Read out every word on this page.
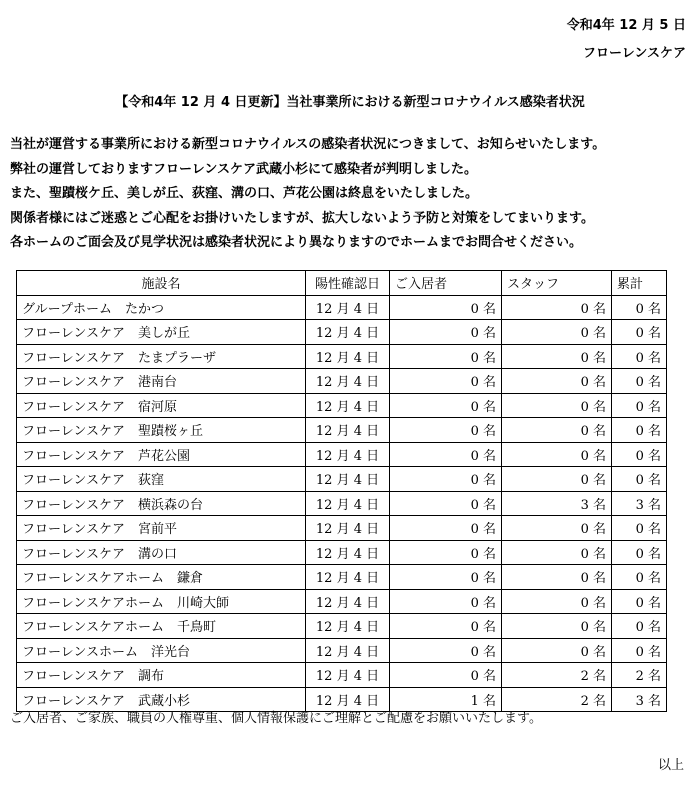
令和4年 12 月 5 日
フローレンスケア
【令和4年 12 月 4 日更新】当社事業所における新型コロナウイルス感染者状況
当社が運営する事業所における新型コロナウイルスの感染者状況につきまして、お知らせいたします。
弊社の運営しておりますフローレンスケア武蔵小杉にて感染者が判明しました。
また、聖蹟桜ケ丘、美しが丘、荻窪、溝の口、芦花公園は終息をいたしました。
関係者様にはご迷惑とご心配をお掛けいたしますが、拡大しないよう予防と対策をしてまいります。
各ホームのご面会及び見学状況は感染者状況により異なりますのでホームまでお問合せください。
施設名	陽性確認日	ご入居者	スタッフ	累計
グループホーム　たかつ	12 月 4 日	0 名	0 名	0 名
フローレンスケア　美しが丘	12 月 4 日	0 名	0 名	0 名
フローレンスケア　たまプラーザ	12 月 4 日	0 名	0 名	0 名
フローレンスケア　港南台	12 月 4 日	0 名	0 名	0 名
フローレンスケア　宿河原	12 月 4 日	0 名	0 名	0 名
フローレンスケア　聖蹟桜ヶ丘	12 月 4 日	0 名	0 名	0 名
フローレンスケア　芦花公園	12 月 4 日	0 名	0 名	0 名
フローレンスケア　荻窪	12 月 4 日	0 名	0 名	0 名
フローレンスケア　横浜森の台	12 月 4 日	0 名	3 名	3 名
フローレンスケア　宮前平	12 月 4 日	0 名	0 名	0 名
フローレンスケア　溝の口	12 月 4 日	0 名	0 名	0 名
フローレンスケアホーム　鎌倉	12 月 4 日	0 名	0 名	0 名
フローレンスケアホーム　川崎大師	12 月 4 日	0 名	0 名	0 名
フローレンスケアホーム　千鳥町	12 月 4 日	0 名	0 名	0 名
フローレンスホーム　洋光台	12 月 4 日	0 名	0 名	0 名
フローレンスケア　調布	12 月 4 日	0 名	2 名	2 名
フローレンスケア　武蔵小杉	12 月 4 日	1 名	2 名	3 名
ご入居者、ご家族、職員の人権尊重、個人情報保護にご理解とご配慮をお願いいたします。
以上
